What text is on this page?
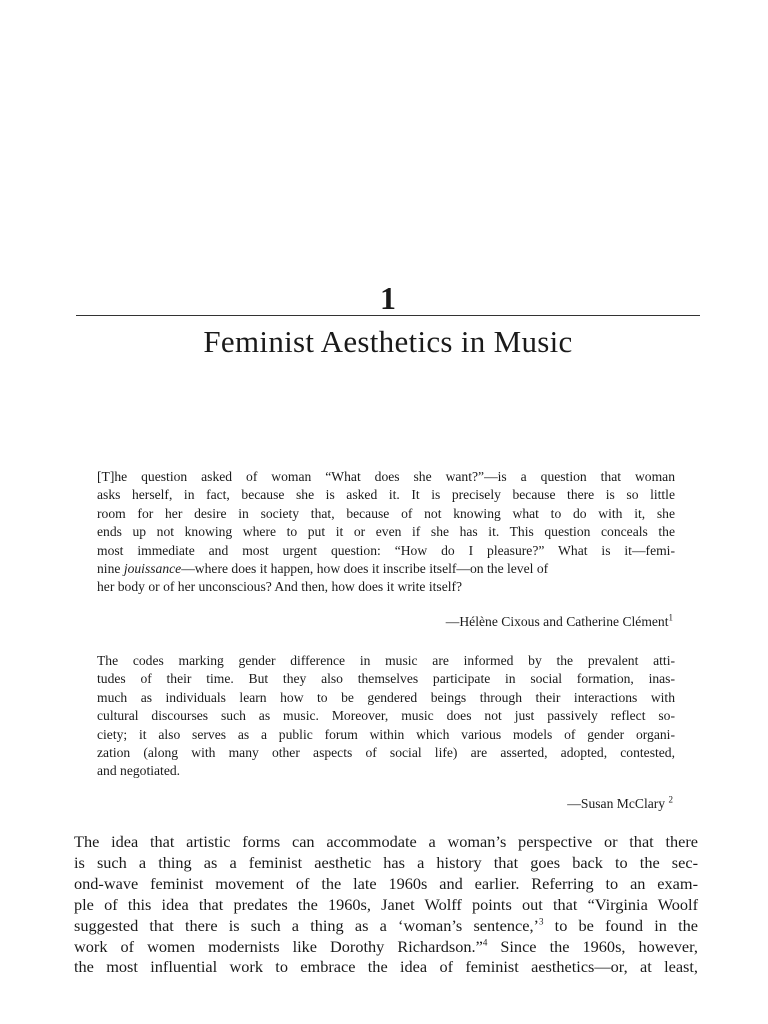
1
Feminist Aesthetics in Music
[T]he question asked of woman “What does she want?”—is a question that woman
asks herself, in fact, because she is asked it. It is precisely because there is so little
room for her desire in society that, because of not knowing what to do with it, she
ends up not knowing where to put it or even if she has it. This question conceals the
most immediate and most urgent question: “How do I pleasure?” What is it—femi-
nine jouissance—where does it happen, how does it inscribe itself—on the level of
her body or of her unconscious? And then, how does it write itself?
—Hélène Cixous and Catherine Clément$^1$
The codes marking gender difference in music are informed by the prevalent atti-
tudes of their time. But they also themselves participate in social formation, inas-
much as individuals learn how to be gendered beings through their interactions with
cultural discourses such as music. Moreover, music does not just passively reflect so-
ciety; it also serves as a public forum within which various models of gender organi-
zation (along with many other aspects of social life) are asserted, adopted, contested,
and negotiated.
—Susan McClary $^2$
The idea that artistic forms can accommodate a woman’s perspective or that there
is such a thing as a feminist aesthetic has a history that goes back to the sec-
ond-wave feminist movement of the late 1960s and earlier. Referring to an exam-
ple of this idea that predates the 1960s, Janet Wolff points out that “Virginia Woolf
suggested that there is such a thing as a ‘woman’s sentence,’$^3$ to be found in the
work of women modernists like Dorothy Richardson.”$^4$ Since the 1960s, however,
the most influential work to embrace the idea of feminist aesthetics—or, at least,
